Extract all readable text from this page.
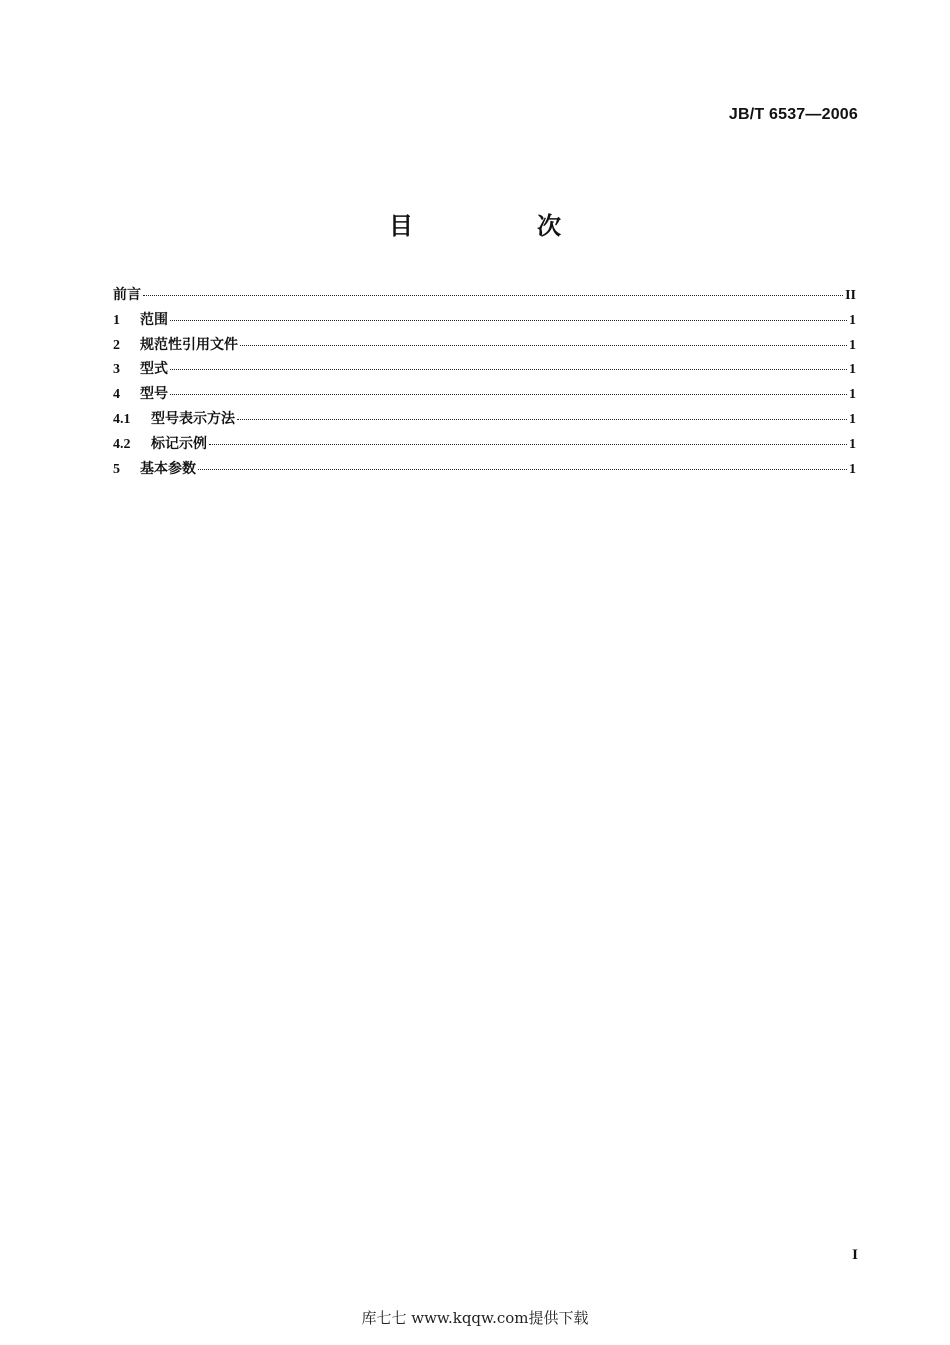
JB/T 6537—2006
目　次
前言	II
1	范围	1
2	规范性引用文件	1
3	型式	1
4	型号	1
4.1	型号表示方法	1
4.2	标记示例	1
5	基本参数	1
I
库七七 www.kqqw.com提供下载
